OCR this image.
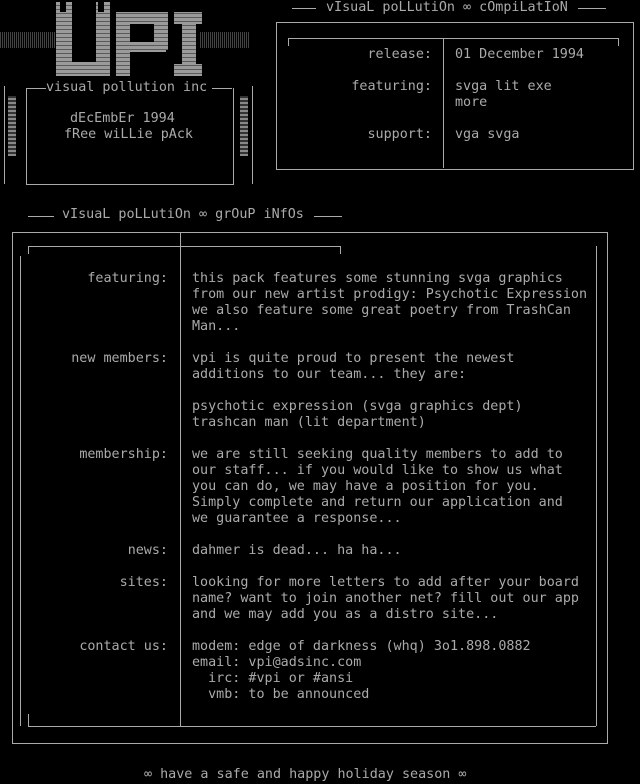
visual pollution inc
dEcEmbEr 1994
fRee wiLLie pAck
vIsuaL poLLutiOn ∞ cOmpiLatIoN
release: 01 December 1994
featuring: svga lit exe
more
support: vga svga
vIsuaL poLLutiOn ∞ grOuP iNfOs
featuring: this pack features some stunning svga graphics
from our new artist prodigy: Psychotic Expression
we also feature some great poetry from TrashCan
Man...
new members: vpi is quite proud to present the newest
additions to our team... they are:

psychotic expression (svga graphics dept)
trashcan man (lit department)
membership: we are still seeking quality members to add to
our staff... if you would like to show us what
you can do, we may have a position for you.
Simply complete and return our application and
we guarantee a response...
news: dahmer is dead... ha ha...
sites: looking for more letters to add after your board
name? want to join another net? fill out our app
and we may add you as a distro site...
contact us: modem: edge of darkness (whq) 3o1.898.0882
email: vpi@adsinc.com
irc: #vpi or #ansi
vmb: to be announced
∞ have a safe and happy holiday season ∞
